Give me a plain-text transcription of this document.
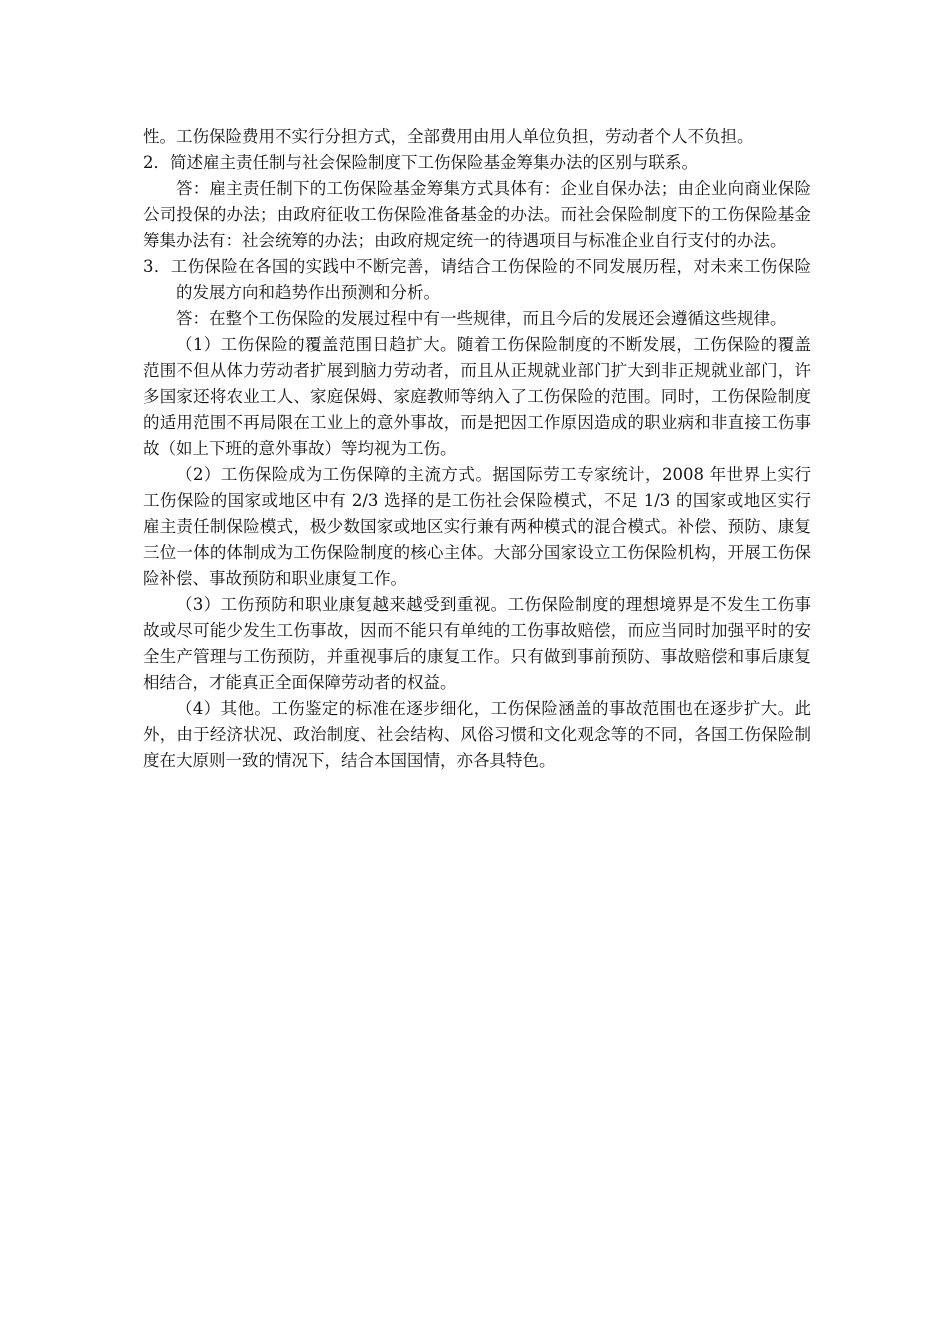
性。工伤保险费用不实行分担方式，全部费用由用人单位负担，劳动者个人不负担。

2．简述雇主责任制与社会保险制度下工伤保险基金筹集办法的区别与联系。

答：雇主责任制下的工伤保险基金筹集方式具体有：企业自保办法；由企业向商业保险公司投保的办法；由政府征收工伤保险准备基金的办法。而社会保险制度下的工伤保险基金筹集办法有：社会统筹的办法；由政府规定统一的待遇项目与标准企业自行支付的办法。

3．工伤保险在各国的实践中不断完善，请结合工伤保险的不同发展历程，对未来工伤保险的发展方向和趋势作出预测和分析。

答：在整个工伤保险的发展过程中有一些规律，而且今后的发展还会遵循这些规律。

（1）工伤保险的覆盖范围日趋扩大。随着工伤保险制度的不断发展，工伤保险的覆盖范围不但从体力劳动者扩展到脑力劳动者，而且从正规就业部门扩大到非正规就业部门，许多国家还将农业工人、家庭保姆、家庭教师等纳入了工伤保险的范围。同时，工伤保险制度的适用范围不再局限在工业上的意外事故，而是把因工作原因造成的职业病和非直接工伤事故（如上下班的意外事故）等均视为工伤。

（2）工伤保险成为工伤保障的主流方式。据国际劳工专家统计，2008 年世界上实行工伤保险的国家或地区中有 2/3 选择的是工伤社会保险模式，不足 1/3 的国家或地区实行雇主责任制保险模式，极少数国家或地区实行兼有两种模式的混合模式。补偿、预防、康复三位一体的体制成为工伤保险制度的核心主体。大部分国家设立工伤保险机构，开展工伤保险补偿、事故预防和职业康复工作。

（3）工伤预防和职业康复越来越受到重视。工伤保险制度的理想境界是不发生工伤事故或尽可能少发生工伤事故，因而不能只有单纯的工伤事故赔偿，而应当同时加强平时的安全生产管理与工伤预防，并重视事后的康复工作。只有做到事前预防、事故赔偿和事后康复相结合，才能真正全面保障劳动者的权益。

（4）其他。工伤鉴定的标准在逐步细化，工伤保险涵盖的事故范围也在逐步扩大。此外，由于经济状况、政治制度、社会结构、风俗习惯和文化观念等的不同，各国工伤保险制度在大原则一致的情况下，结合本国国情，亦各具特色。
